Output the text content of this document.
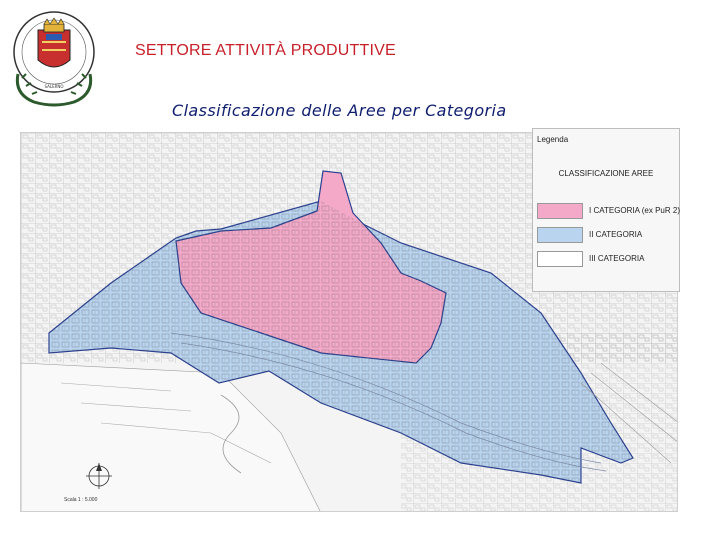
SALERNO
SETTORE ATTIVITÀ PRODUTTIVE
Classificazione delle Aree per Categoria
Scala 1 : 5.000
Legenda
CLASSIFICAZIONE AREE
I CATEGORIA (ex PuR 2)
II CATEGORIA
III CATEGORIA
